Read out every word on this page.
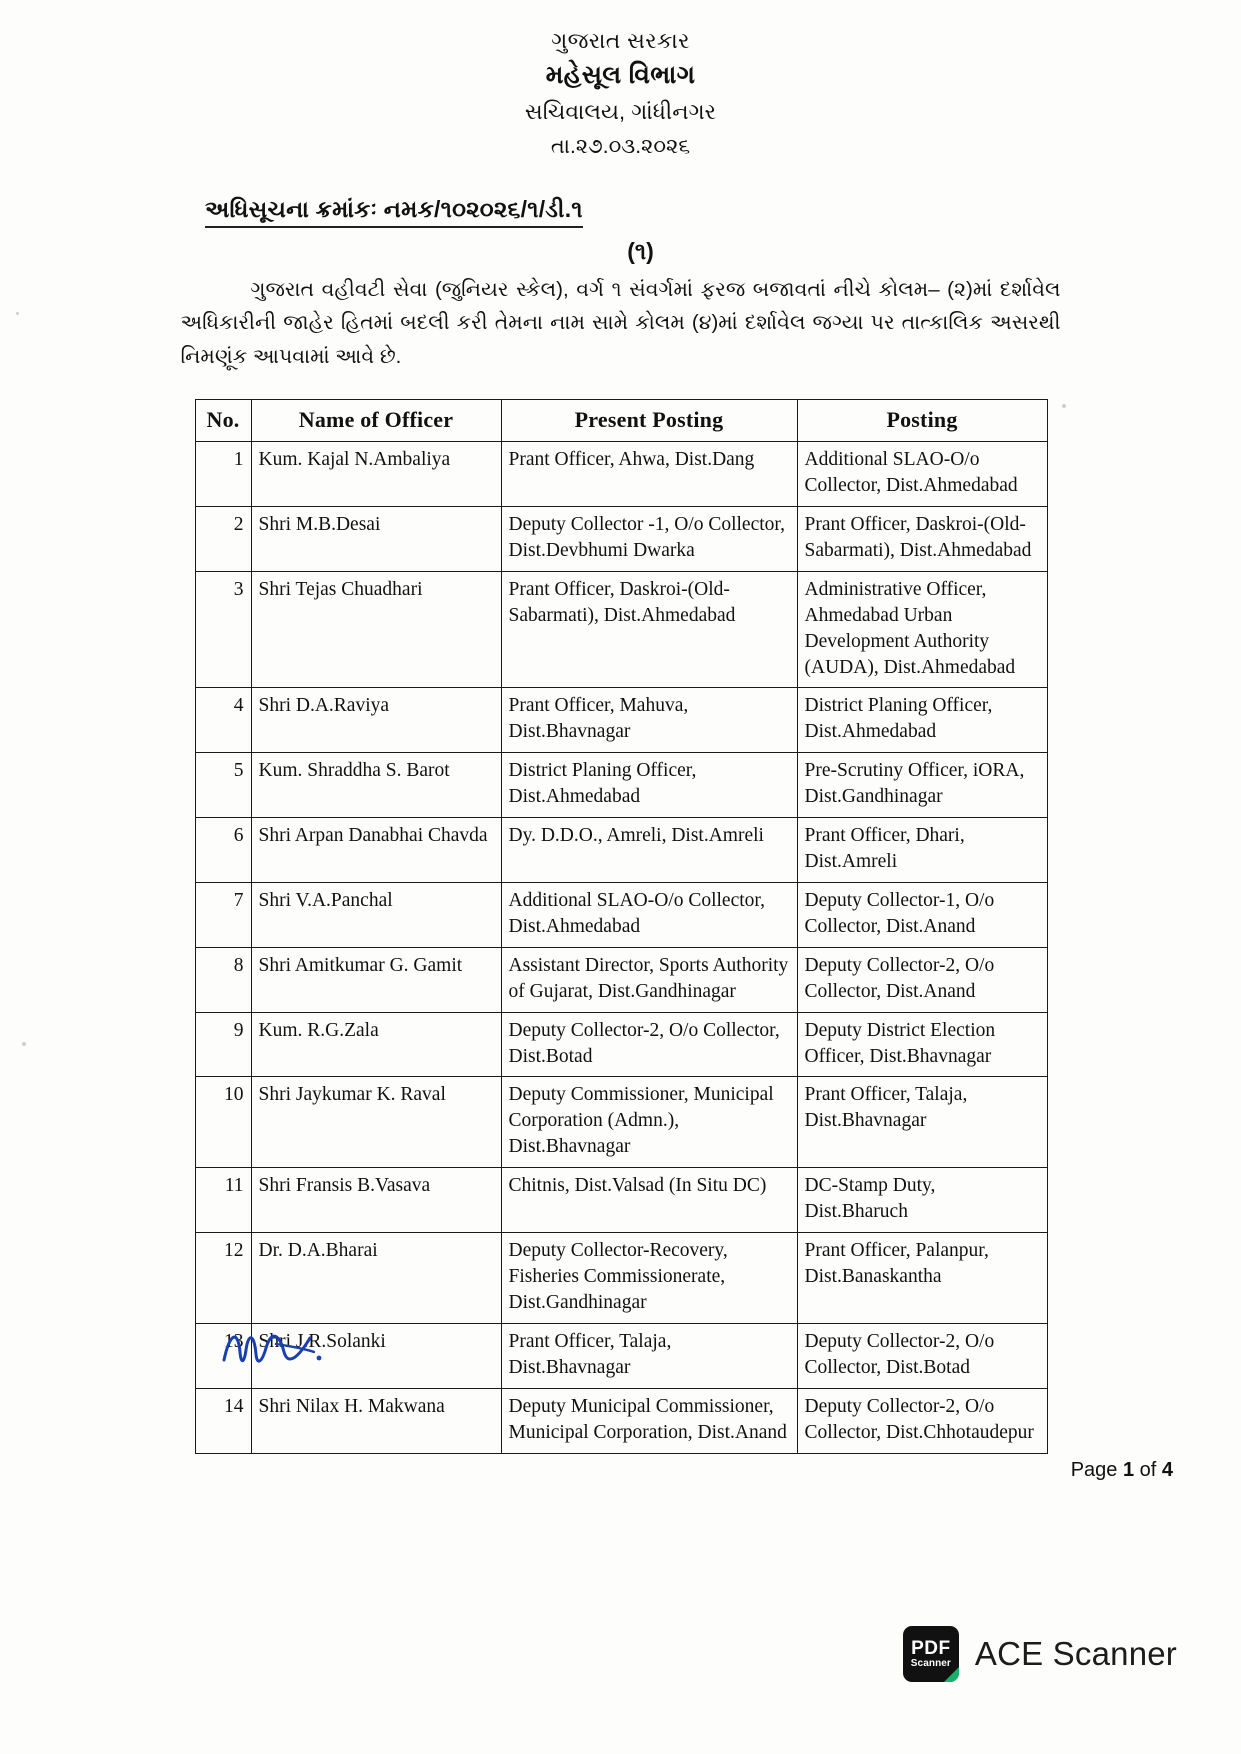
ગુજરાત સરકાર
મહેસૂલ વિભાગ
સચિવાલય, ગાંધીનગર
તા.૨૭.૦૩.૨૦૨૬
અધિસૂચના ક્રમાંકઃ નમક/૧૦૨૦૨૬/૧/ડી.૧
(૧)
ગુજરાત વહીવટી સેવા (જુનિયર સ્કેલ), વર્ગ ૧ સંવર્ગમાં ફરજ બજાવતાં નીચે કોલમ– (૨)માં દર્શાવેલ અધિકારીની જાહેર હિતમાં બદલી કરી તેમના નામ સામે કોલમ (૪)માં દર્શાવેલ જગ્યા પર તાત્કાલિક અસરથી નિમણૂંક આપવામાં આવે છે.
No.	Name of Officer	Present Posting	Posting
1	Kum. Kajal N.Ambaliya	Prant Officer, Ahwa, Dist.Dang	Additional SLAO-O/o Collector, Dist.Ahmedabad
2	Shri M.B.Desai	Deputy Collector -1, O/o Collector, Dist.Devbhumi Dwarka	Prant Officer, Daskroi-(Old-Sabarmati), Dist.Ahmedabad
3	Shri Tejas Chuadhari	Prant Officer, Daskroi-(Old-Sabarmati), Dist.Ahmedabad	Administrative Officer, Ahmedabad Urban Development Authority (AUDA), Dist.Ahmedabad
4	Shri D.A.Raviya	Prant Officer, Mahuva, Dist.Bhavnagar	District Planing Officer, Dist.Ahmedabad
5	Kum. Shraddha S. Barot	District Planing Officer, Dist.Ahmedabad	Pre-Scrutiny Officer, iORA, Dist.Gandhinagar
6	Shri Arpan Danabhai Chavda	Dy. D.D.O., Amreli, Dist.Amreli	Prant Officer, Dhari, Dist.Amreli
7	Shri V.A.Panchal	Additional SLAO-O/o Collector, Dist.Ahmedabad	Deputy Collector-1, O/o Collector, Dist.Anand
8	Shri Amitkumar G. Gamit	Assistant Director, Sports Authority of Gujarat, Dist.Gandhinagar	Deputy Collector-2, O/o Collector, Dist.Anand
9	Kum. R.G.Zala	Deputy Collector-2, O/o Collector, Dist.Botad	Deputy District Election Officer, Dist.Bhavnagar
10	Shri Jaykumar K. Raval	Deputy Commissioner, Municipal Corporation (Admn.), Dist.Bhavnagar	Prant Officer, Talaja, Dist.Bhavnagar
11	Shri Fransis B.Vasava	Chitnis, Dist.Valsad (In Situ DC)	DC-Stamp Duty, Dist.Bharuch
12	Dr. D.A.Bharai	Deputy Collector-Recovery, Fisheries Commissionerate, Dist.Gandhinagar	Prant Officer, Palanpur, Dist.Banaskantha
13	Shri J.R.Solanki	Prant Officer, Talaja, Dist.Bhavnagar	Deputy Collector-2, O/o Collector, Dist.Botad
14	Shri Nilax H. Makwana	Deputy Municipal Commissioner, Municipal Corporation, Dist.Anand	Deputy Collector-2, O/o Collector, Dist.Chhotaudepur
Page 1 of 4
PDF
Scanner ACE Scanner
